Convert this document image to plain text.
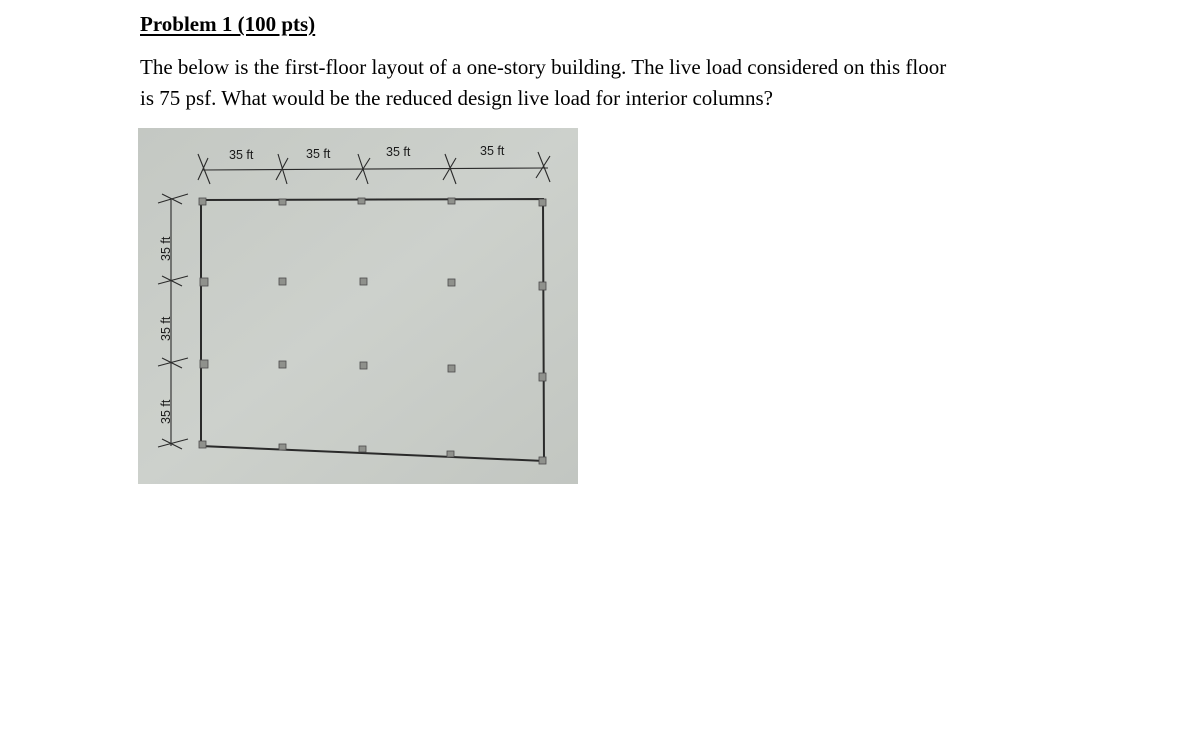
Problem 1 (100 pts)
The below is the first-floor layout of a one-story building. The live load considered on this floor
is 75 psf. What would be the reduced design live load for interior columns?
35 ft	35 ft	35 ft	35 ft
35 ft
35 ft
35 ft
